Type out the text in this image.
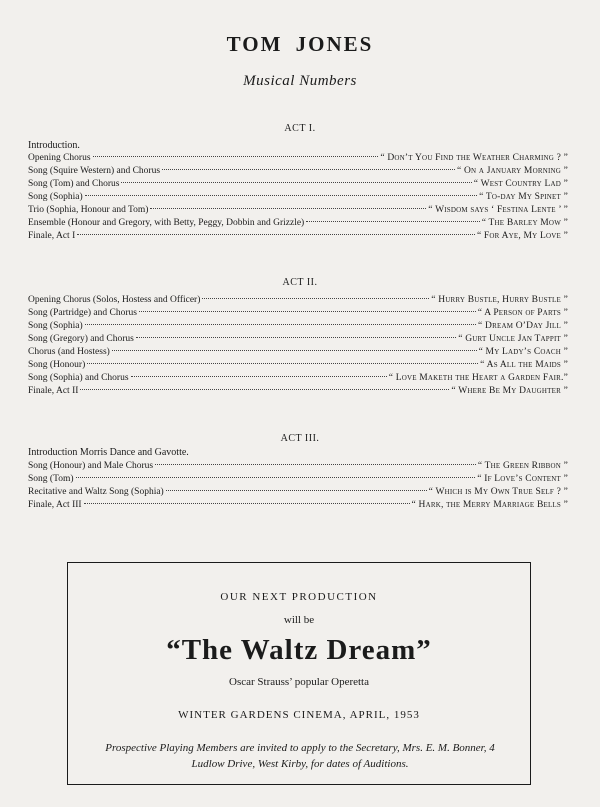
TOM JONES
Musical Numbers
ACT I.
Introduction.
Opening Chorus	“ Don’t You Find the Weather Charming ? ”
Song (Squire Western) and Chorus	“ On a January Morning ”
Song (Tom) and Chorus	“ West Country Lad ”
Song (Sophia)	“ To-day My Spinet ”
Trio (Sophia, Honour and Tom)	“ Wisdom says ‘ Festina Lente ’ ”
Ensemble (Honour and Gregory, with Betty, Peggy, Dobbin and Grizzle)	“ The Barley Mow ”
Finale, Act I	“ For Aye, My Love ”
ACT II.
Opening Chorus (Solos, Hostess and Officer)	“ Hurry Bustle, Hurry Bustle ”
Song (Partridge) and Chorus	“ A Person of Parts ”
Song (Sophia)	“ Dream O’Day Jill ”
Song (Gregory) and Chorus	“ Gurt Uncle Jan Tappit ”
Chorus (and Hostess)	“ My Lady’s Coach ”
Song (Honour)	“ As All the Maids ”
Song (Sophia) and Chorus	“ Love Maketh the Heart a Garden Fair.”
Finale, Act II	“ Where Be My Daughter ”
ACT III.
Introduction Morris Dance and Gavotte.
Song (Honour) and Male Chorus	“ The Green Ribbon ”
Song (Tom)	“ If Love’s Content ”
Recitative and Waltz Song (Sophia)	“ Which is My Own True Self ? ”
Finale, Act III	“ Hark, the Merry Marriage Bells ”
OUR NEXT PRODUCTION
will be
“The Waltz Dream”
Oscar Strauss’ popular Operetta
WINTER GARDENS CINEMA, APRIL, 1953
Prospective Playing Members are invited to apply to the Secretary, Mrs. E. M. Bonner, 4 Ludlow Drive, West Kirby, for dates of Auditions.
